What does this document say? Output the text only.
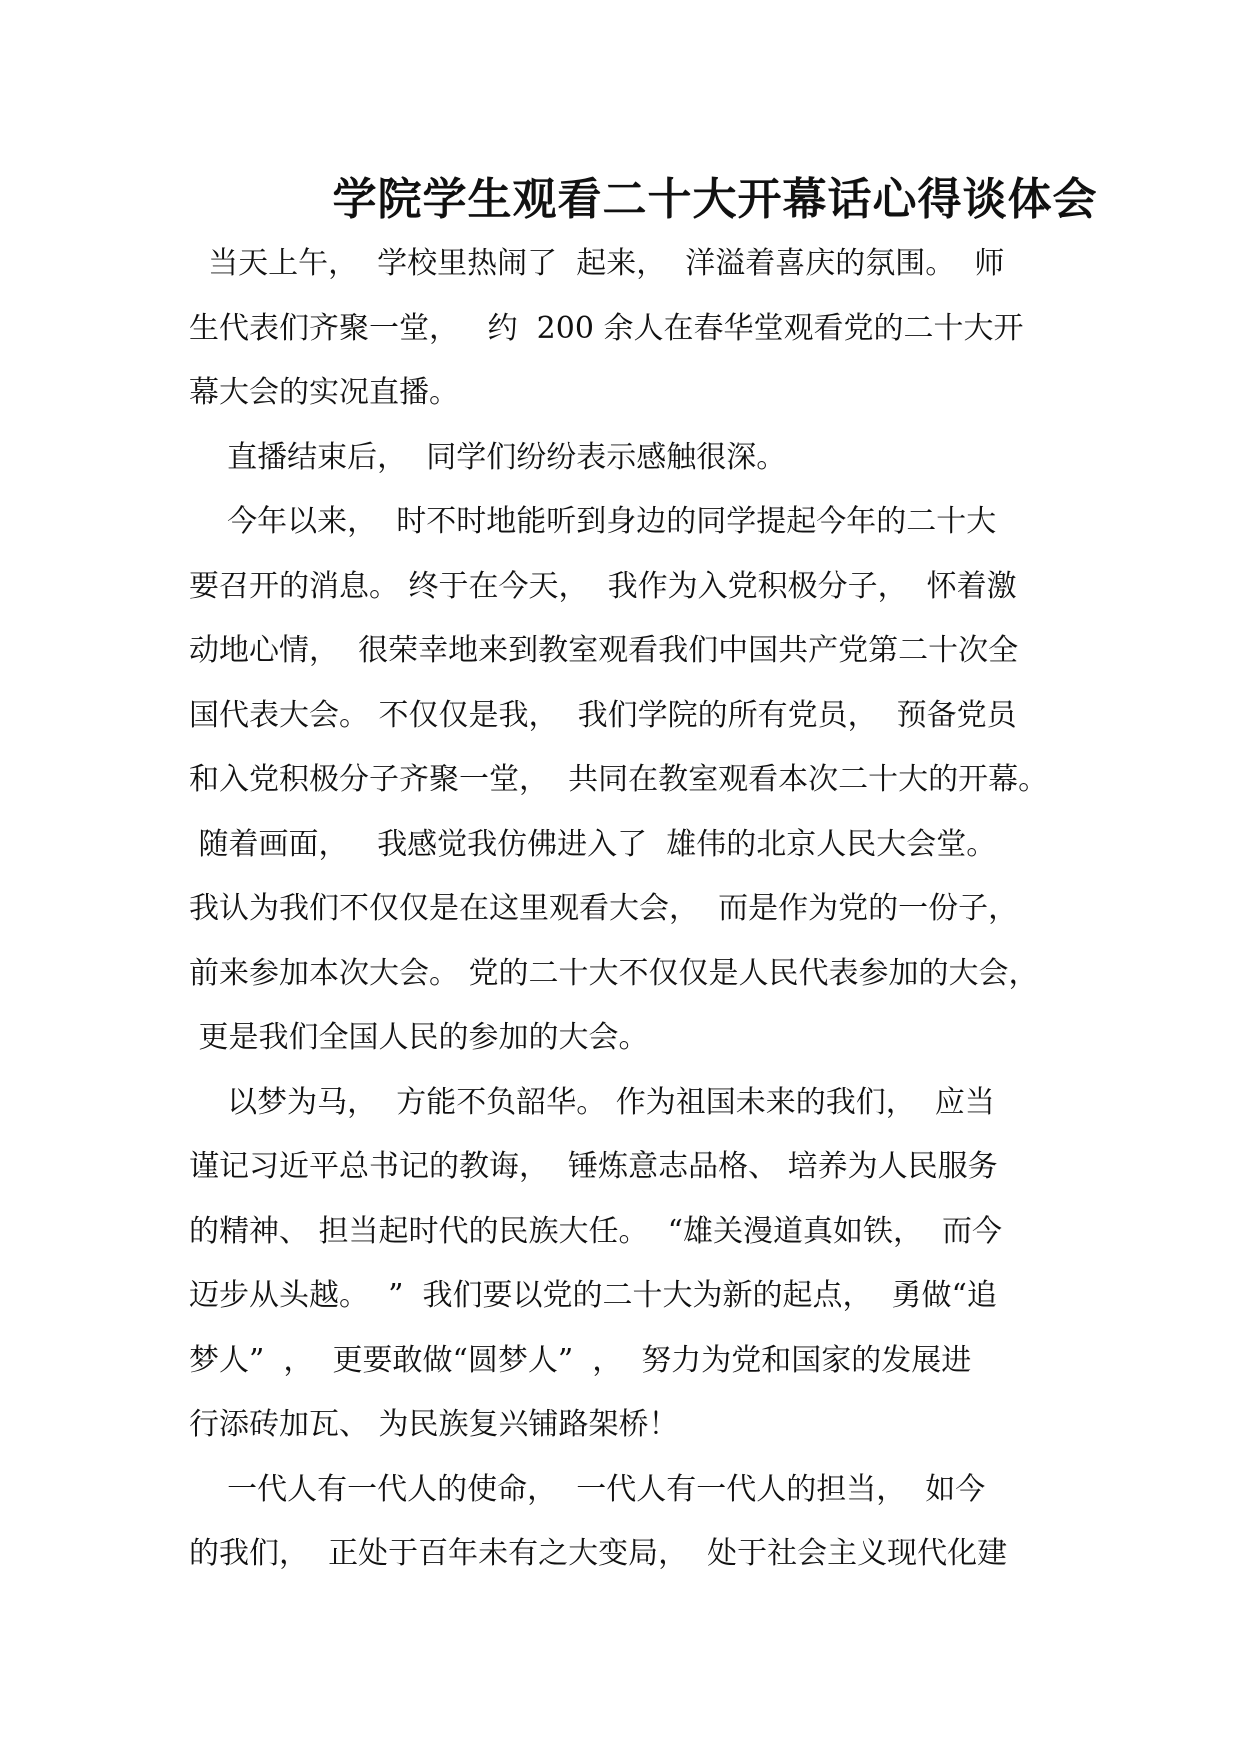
学院学生观看二十大开幕话心得谈体会
当天上午，  学校里热闹了  起来，  洋溢着喜庆的氛围。  师
生代表们齐聚一堂，   约  200 余人在春华堂观看党的二十大开
幕大会的实况直播。
直播结束后，  同学们纷纷表示感触很深。
今年以来，  时不时地能听到身边的同学提起今年的二十大
要召开的消息。 终于在今天，  我作为入党积极分子，  怀着激
动地心情，  很荣幸地来到教室观看我们中国共产党第二十次全
国代表大会。 不仅仅是我，  我们学院的所有党员，  预备党员
和入党积极分子齐聚一堂，  共同在教室观看本次二十大的开幕。
随着画面，   我感觉我仿佛进入了  雄伟的北京人民大会堂。
我认为我们不仅仅是在这里观看大会，  而是作为党的一份子，
前来参加本次大会。 党的二十大不仅仅是人民代表参加的大会，
更是我们全国人民的参加的大会。
以梦为马，  方能不负韶华。 作为祖国未来的我们，  应当
谨记习近平总书记的教诲，  锤炼意志品格、 培养为人民服务
的精神、 担当起时代的民族大任。  “雄关漫道真如铁，  而今
迈步从头越。  ”  我们要以党的二十大为新的起点，  勇做“追
梦人”  ，  更要敢做“圆梦人”  ，  努力为党和国家的发展进
行添砖加瓦、 为民族复兴铺路架桥！
一代人有一代人的使命，  一代人有一代人的担当，  如今
的我们，  正处于百年未有之大变局，  处于社会主义现代化建
